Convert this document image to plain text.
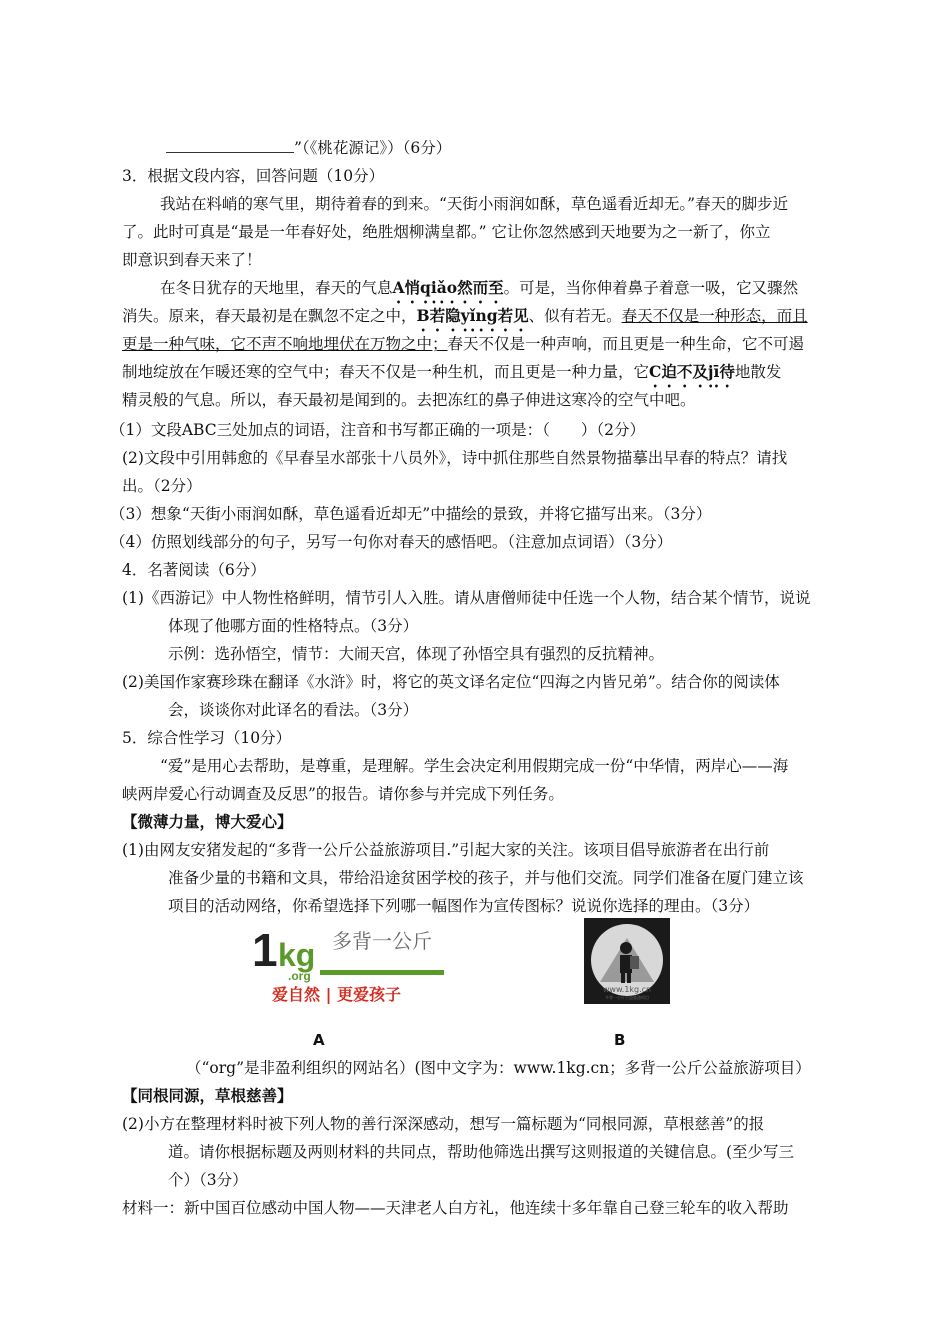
”（《桃花源记》）（6分）
3．根据文段内容，回答问题（10分）
我站在料峭的寒气里，期待着春的到来。“天街小雨润如酥，草色遥看近却无。”春天的脚步近
了。此时可真是“最是一年春好处，绝胜烟柳满皇都。” 它让你忽然感到天地要为之一新了，你立
即意识到春天来了！
在冬日犹存的天地里，春天的气息A悄qiǎo然而至。可是，当你伸着鼻子着意一吸，它又骤然
消失。原来，春天最初是在飘忽不定之中，B若隐yǐng若见、似有若无。春天不仅是一种形态，而且
更是一种气味，它不声不响地埋伏在万物之中；春天不仅是一种声响，而且更是一种生命，它不可遏
制地绽放在乍暖还寒的空气中；春天不仅是一种生机，而且更是一种力量，它C迫不及jī待地散发
精灵般的气息。所以，春天最初是闻到的。去把冻红的鼻子伸进这寒冷的空气中吧。
（1）文段ABC三处加点的词语，注音和书写都正确的一项是：（　　）（2分）
(2)文段中引用韩愈的《早春呈水部张十八员外》，诗中抓住那些自然景物描摹出早春的特点？请找
出。（2分）
（3）想象“天街小雨润如酥，草色遥看近却无”中描绘的景致，并将它描写出来。（3分）
（4）仿照划线部分的句子，另写一句你对春天的感悟吧。（注意加点词语）（3分）
4．名著阅读（6分）
(1)《西游记》中人物性格鲜明，情节引人入胜。请从唐僧师徒中任选一个人物，结合某个情节，说说
体现了他哪方面的性格特点。（3分）
示例：选孙悟空，情节：大闹天宫，体现了孙悟空具有强烈的反抗精神。
(2)美国作家赛珍珠在翻译《水浒》时，将它的英文译名定位“四海之内皆兄弟”。结合你的阅读体
会，谈谈你对此译名的看法。（3分）
5．综合性学习（10分）
“爱”是用心去帮助，是尊重，是理解。学生会决定利用假期完成一份“中华情，两岸心——海
峡两岸爱心行动调查及反思”的报告。请你参与并完成下列任务。
【微薄力量，博大爱心】
(1)由网友安猪发起的“多背一公斤公益旅游项目.”引起大家的关注。该项目倡导旅游者在出行前
准备少量的书籍和文具，带给沿途贫困学校的孩子，并与他们交流。同学们准备在厦门建立该
项目的活动网络，你希望选择下列哪一幅图作为宣传图标？说说你选择的理由。（3分）
1 kg
.org
多背一公斤
爱自然 | 更爱孩子	www.1kg.cn
多背一公斤公益旅游项目
A	B
（“org”是非盈利组织的网站名）(图中文字为：www.1kg.cn；多背一公斤公益旅游项目）
【同根同源，草根慈善】
(2)小方在整理材料时被下列人物的善行深深感动，想写一篇标题为“同根同源，草根慈善”的报
道。请你根据标题及两则材料的共同点，帮助他筛选出撰写这则报道的关键信息。(至少写三
个）（3分）
材料一：新中国百位感动中国人物——天津老人白方礼，他连续十多年靠自己登三轮车的收入帮助
